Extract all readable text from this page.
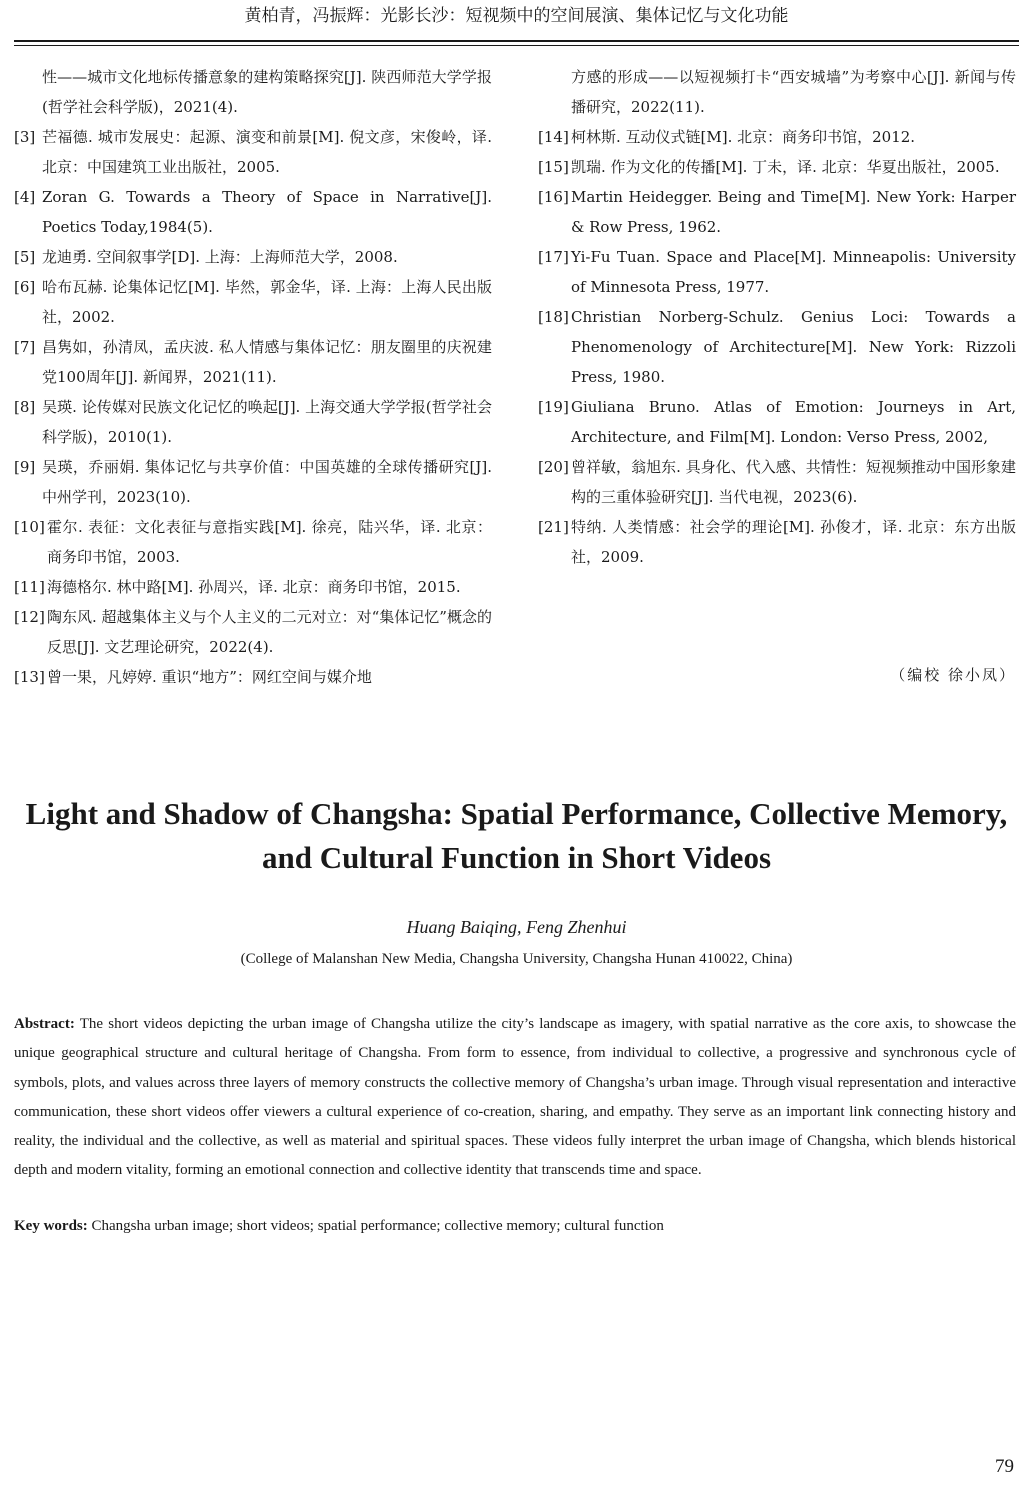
黄柏青，冯振辉：光影长沙：短视频中的空间展演、集体记忆与文化功能
性——城市文化地标传播意象的建构策略探究[J]. 陕西师范大学学报(哲学社会科学版)，2021(4).
[3] 芒福德. 城市发展史：起源、演变和前景[M]. 倪文彦，宋俊岭，译. 北京：中国建筑工业出版社，2005.
[4] Zoran G. Towards a Theory of Space in Narrative[J]. Poetics Today,1984(5).
[5] 龙迪勇. 空间叙事学[D]. 上海：上海师范大学，2008.
[6] 哈布瓦赫. 论集体记忆[M]. 毕然，郭金华，译. 上海：上海人民出版社，2002.
[7] 昌隽如，孙清凤，孟庆波. 私人情感与集体记忆：朋友圈里的庆祝建党100周年[J]. 新闻界，2021(11).
[8] 吴瑛. 论传媒对民族文化记忆的唤起[J]. 上海交通大学学报(哲学社会科学版)，2010(1).
[9] 吴瑛，乔丽娟. 集体记忆与共享价值：中国英雄的全球传播研究[J]. 中州学刊，2023(10).
[10] 霍尔. 表征：文化表征与意指实践[M]. 徐亮，陆兴华，译. 北京：商务印书馆，2003.
[11] 海德格尔. 林中路[M]. 孙周兴，译. 北京：商务印书馆，2015.
[12] 陶东风. 超越集体主义与个人主义的二元对立：对“集体记忆”概念的反思[J]. 文艺理论研究，2022(4).
[13] 曾一果，凡婷婷. 重识“地方”：网红空间与媒介地
方感的形成——以短视频打卡“西安城墙”为考察中心[J]. 新闻与传播研究，2022(11).
[14] 柯林斯. 互动仪式链[M]. 北京：商务印书馆，2012.
[15] 凯瑞. 作为文化的传播[M]. 丁未，译. 北京：华夏出版社，2005.
[16] Martin Heidegger. Being and Time[M]. New York: Harper & Row Press, 1962.
[17] Yi-Fu Tuan. Space and Place[M]. Minneapolis: University of Minnesota Press, 1977.
[18] Christian Norberg-Schulz. Genius Loci: Towards a Phenomenology of Architecture[M]. New York: Rizzoli Press, 1980.
[19] Giuliana Bruno. Atlas of Emotion: Journeys in Art, Architecture, and Film[M]. London: Verso Press, 2002,
[20] 曾祥敏，翁旭东. 具身化、代入感、共情性：短视频推动中国形象建构的三重体验研究[J]. 当代电视，2023(6).
[21] 特纳. 人类情感：社会学的理论[M]. 孙俊才，译. 北京：东方出版社，2009.
（编校 徐小凤）
Light and Shadow of Changsha: Spatial Performance, Collective Memory, and Cultural Function in Short Videos
Huang Baiqing, Feng Zhenhui
(College of Malanshan New Media, Changsha University, Changsha Hunan 410022, China)

Abstract: The short videos depicting the urban image of Changsha utilize the city’s landscape as imagery, with spatial narrative as the core axis, to showcase the unique geographical structure and cultural heritage of Changsha. From form to essence, from individual to collective, a progressive and synchronous cycle of symbols, plots, and values across three layers of memory constructs the collective memory of Changsha’s urban image. Through visual representation and interactive communication, these short videos offer viewers a cultural experience of co-creation, sharing, and empathy. They serve as an important link connecting history and reality, the individual and the collective, as well as material and spiritual spaces. These videos fully interpret the urban image of Changsha, which blends historical depth and modern vitality, forming an emotional connection and collective identity that transcends time and space.

Key words: Changsha urban image; short videos; spatial performance; collective memory; cultural function

79
